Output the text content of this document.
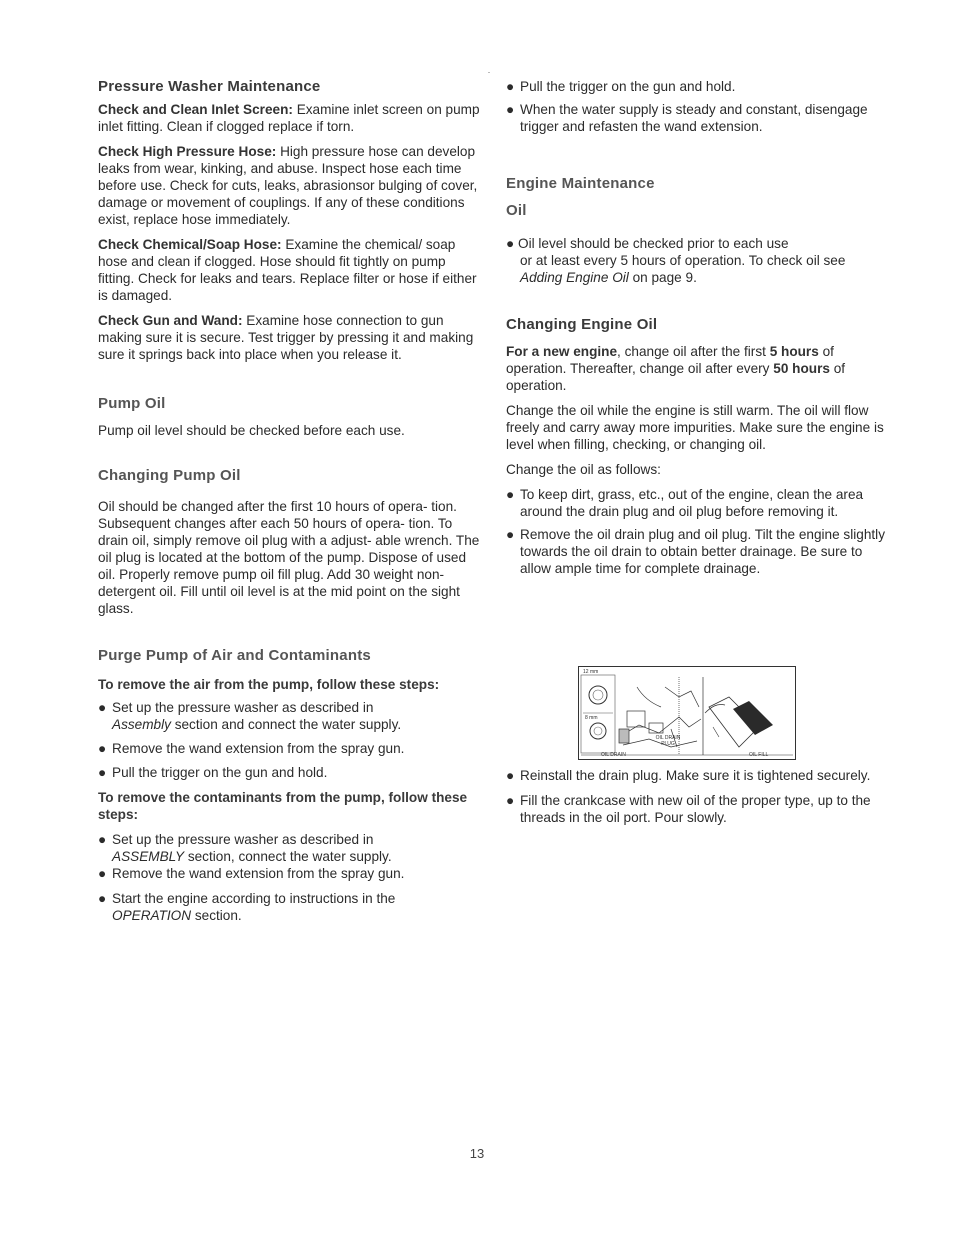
Pressure Washer Maintenance

Check and Clean Inlet Screen: Examine inlet screen on pump inlet fitting. Clean if clogged replace if torn.

Check High Pressure Hose: High pressure hose can develop leaks from wear, kinking, and abuse. Inspect hose each time before use. Check for cuts, leaks, abrasionsor bulging of cover, damage or movement of couplings. If any of these conditions exist, replace hose immediately.

Check Chemical/Soap Hose: Examine the chemical/ soap hose and clean if clogged. Hose should fit tightly on pump fitting. Check for leaks and tears. Replace filter or hose if either is damaged.

Check Gun and Wand: Examine hose connection to gun making sure it is secure. Test trigger by pressing it and making sure it springs back into place when you release it.

Pump Oil

Pump oil level should be checked before each use.

Changing Pump Oil

Oil should be changed after the first 10 hours of opera- tion. Subsequent changes after each 50 hours of opera- tion. To drain oil, simply remove oil plug with a adjust- able wrench. The oil plug is located at the bottom of the pump. Dispose of used oil. Properly remove pump oil fill plug. Add 30 weight non-detergent oil. Fill until oil level is at the mid point on the sight glass.

Purge Pump of Air and Contaminants

To remove the air from the pump, follow these steps:

● Set up the pressure washer as described in
Assembly section and connect the water supply.
● Remove the wand extension from the spray gun.
● Pull the trigger on the gun and hold.

To remove the contaminants from the pump, follow these steps:

● Set up the pressure washer as described in
ASSEMBLY section, connect the water supply.
● Remove the wand extension from the spray gun.
● Start the engine according to instructions in the
OPERATION section.
● Pull the trigger on the gun and hold.
● When the water supply is steady and constant, disengage trigger and refasten the wand extension.
Engine Maintenance
Oil
● Oil level should be checked prior to each use
or at least every 5 hours of operation. To check oil see
Adding Engine Oil on page 9.
Changing Engine Oil

For a new engine, change oil after the first 5 hours of operation. Thereafter, change oil after every 50 hours of operation.

Change the oil while the engine is still warm. The oil will flow freely and carry away more impurities. Make sure the engine is level when filling, checking, or changing oil.

Change the oil as follows:

● To keep dirt, grass, etc., out of the engine, clean the area around the drain plug and oil plug before removing it.
● Remove the oil drain plug and oil plug. Tilt the engine slightly towards the oil drain to obtain better drainage. Be sure to allow ample time for complete drainage.
● Reinstall the drain plug. Make sure it is tightened securely.
● Fill the crankcase with new oil of the proper type, up to the threads in the oil port. Pour slowly.
12 mm
8 mm
OIL DRAIN PLUG
OIL DRAIN	OIL FILL
13
